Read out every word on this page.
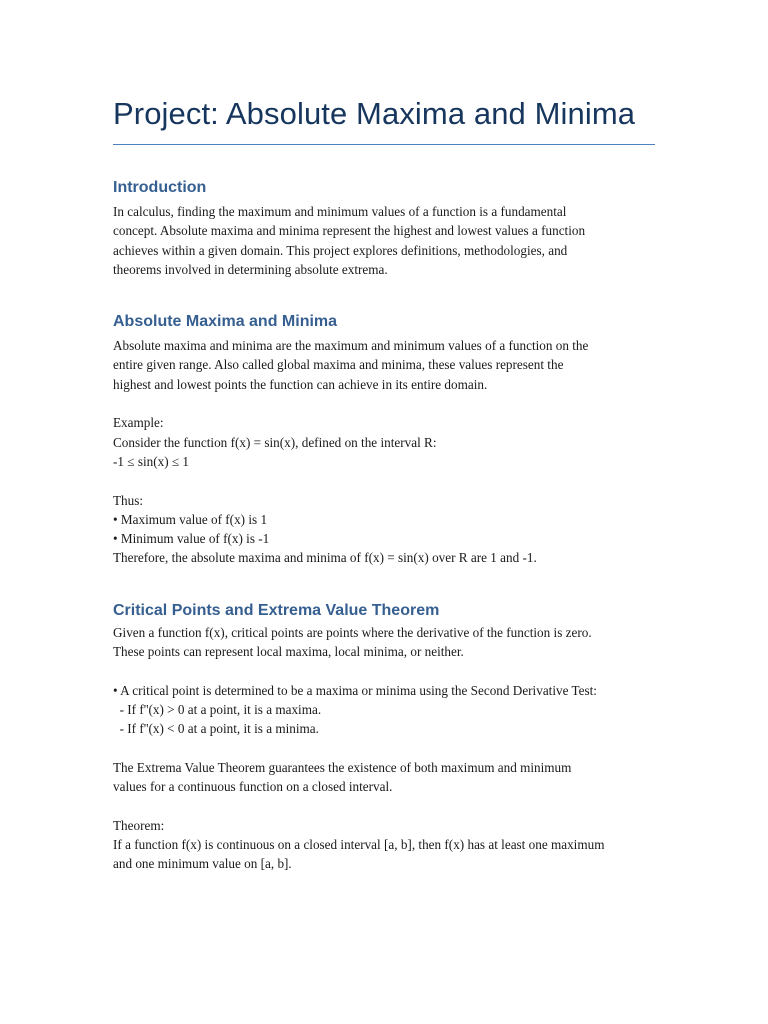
Project: Absolute Maxima and Minima
Introduction
In calculus, finding the maximum and minimum values of a function is a fundamental
concept. Absolute maxima and minima represent the highest and lowest values a function
achieves within a given domain. This project explores definitions, methodologies, and
theorems involved in determining absolute extrema.
Absolute Maxima and Minima
Absolute maxima and minima are the maximum and minimum values of a function on the
entire given range. Also called global maxima and minima, these values represent the
highest and lowest points the function can achieve in its entire domain.
Example:
Consider the function f(x) = sin(x), defined on the interval R:
-1 ≤ sin(x) ≤ 1
Thus:
• Maximum value of f(x) is 1
• Minimum value of f(x) is -1
Therefore, the absolute maxima and minima of f(x) = sin(x) over R are 1 and -1.
Critical Points and Extrema Value Theorem
Given a function f(x), critical points are points where the derivative of the function is zero.
These points can represent local maxima, local minima, or neither.
• A critical point is determined to be a maxima or minima using the Second Derivative Test:
- If f''(x) > 0 at a point, it is a maxima.
- If f''(x) < 0 at a point, it is a minima.
The Extrema Value Theorem guarantees the existence of both maximum and minimum
values for a continuous function on a closed interval.
Theorem:
If a function f(x) is continuous on a closed interval [a, b], then f(x) has at least one maximum
and one minimum value on [a, b].
